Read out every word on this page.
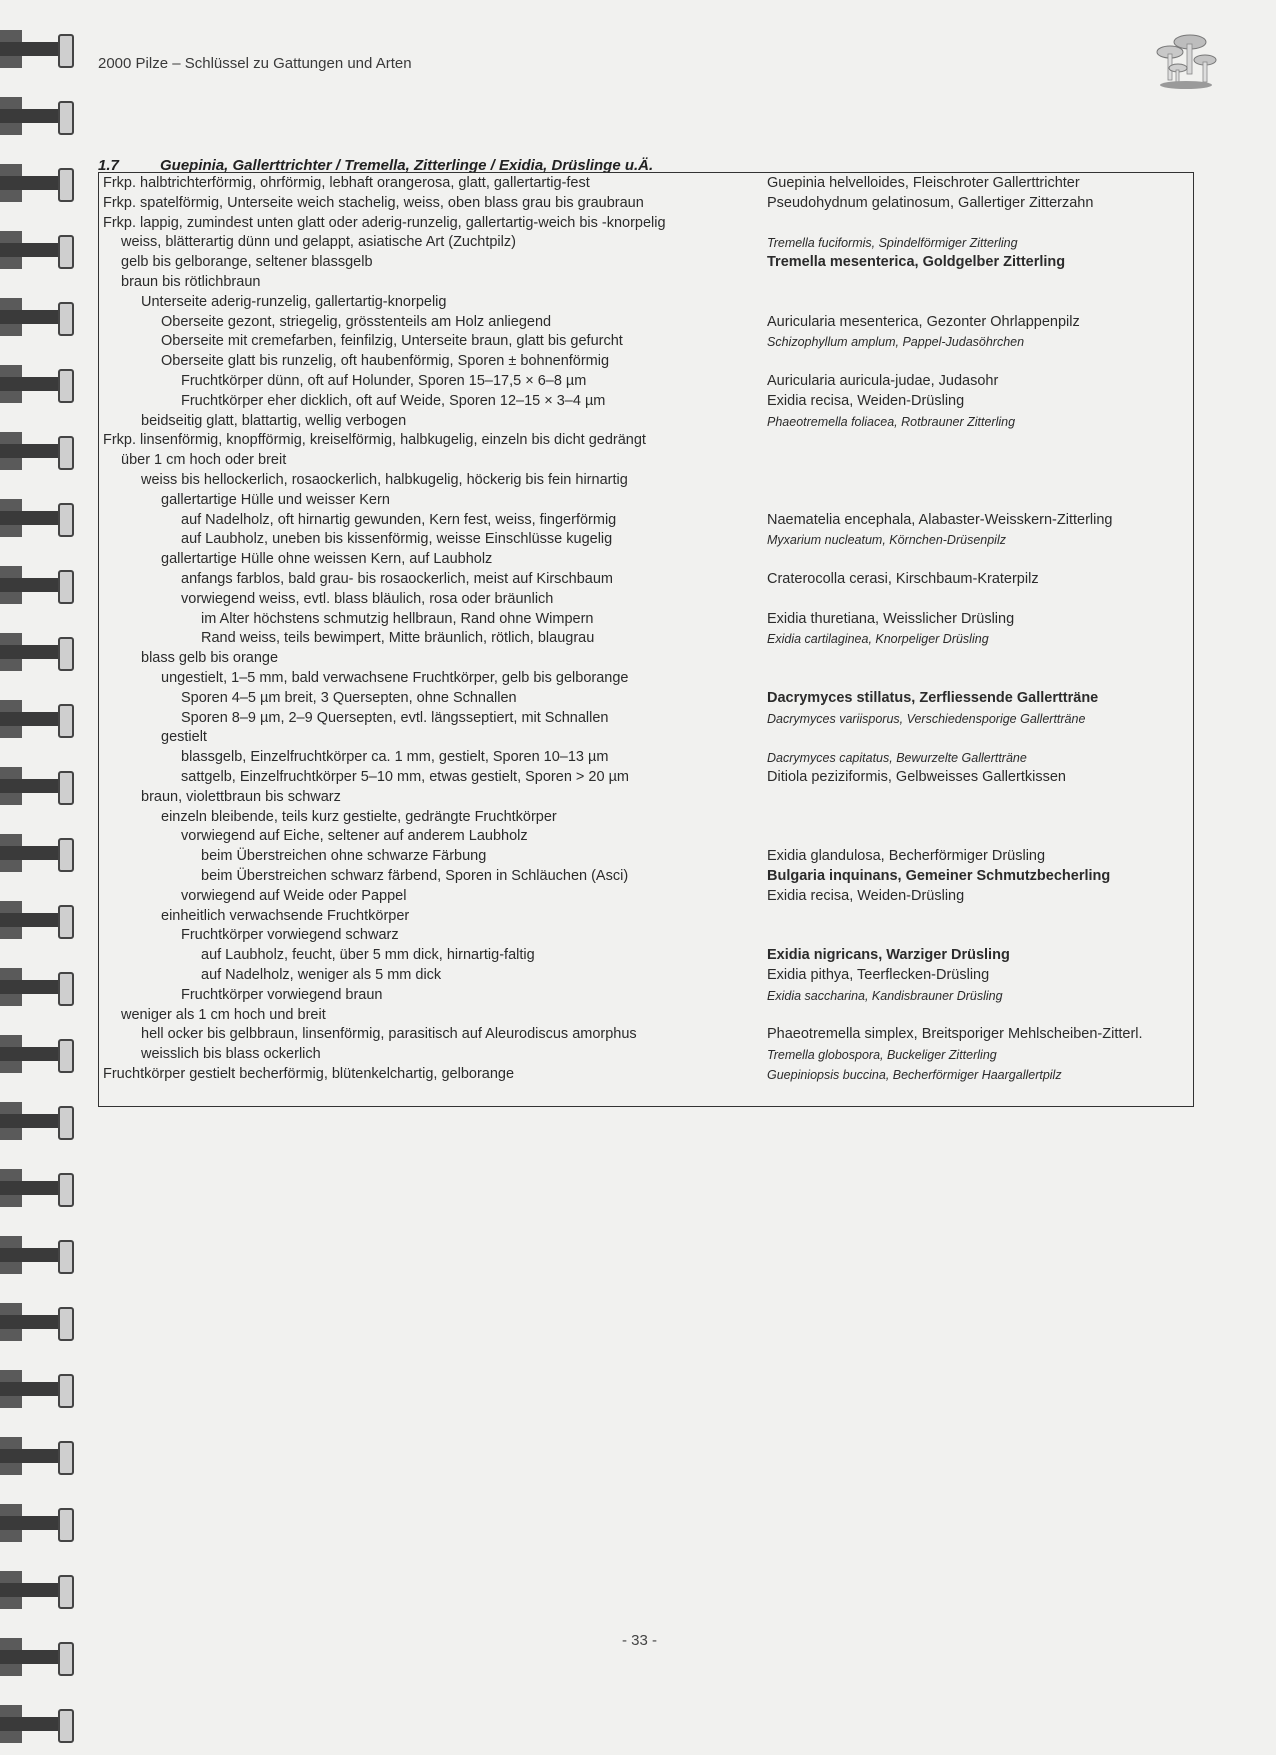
2000 Pilze – Schlüssel zu Gattungen und Arten
1.7	Guepinia, Gallerttrichter / Tremella, Zitterlinge / Exidia, Drüslinge u.Ä.
Frkp. halbtrichterförmig, ohrförmig, lebhaft orangerosa, glatt, gallertartig-fest	Guepinia helvelloides, Fleischroter Gallerttrichter
Frkp. spatelförmig, Unterseite weich stachelig, weiss, oben blass grau bis graubraun	Pseudohydnum gelatinosum, Gallertiger Zitterzahn
Frkp. lappig, zumindest unten glatt oder aderig-runzelig, gallertartig-weich bis -knorpelig
weiss, blätterartig dünn und gelappt, asiatische Art (Zuchtpilz)	Tremella fuciformis, Spindelförmiger Zitterling
gelb bis gelborange, seltener blassgelb	Tremella mesenterica, Goldgelber Zitterling
braun bis rötlichbraun
Unterseite aderig-runzelig, gallertartig-knorpelig
Oberseite gezont, striegelig, grösstenteils am Holz anliegend	Auricularia mesenterica, Gezonter Ohrlappenpilz
Oberseite mit cremefarben, feinfilzig, Unterseite braun, glatt bis gefurcht	Schizophyllum amplum, Pappel-Judasöhrchen
Oberseite glatt bis runzelig, oft haubenförmig, Sporen ± bohnenförmig
Fruchtkörper dünn, oft auf Holunder, Sporen 15–17,5 × 6–8 µm	Auricularia auricula-judae, Judasohr
Fruchtkörper eher dicklich, oft auf Weide, Sporen 12–15 × 3–4 µm	Exidia recisa, Weiden-Drüsling
beidseitig glatt, blattartig, wellig verbogen	Phaeotremella foliacea, Rotbrauner Zitterling
Frkp. linsenförmig, knopfförmig, kreiselförmig, halbkugelig, einzeln bis dicht gedrängt
über 1 cm hoch oder breit
weiss bis hellockerlich, rosaockerlich, halbkugelig, höckerig bis fein hirnartig
gallertartige Hülle und weisser Kern
auf Nadelholz, oft hirnartig gewunden, Kern fest, weiss, fingerförmig	Naematelia encephala, Alabaster-Weisskern-Zitterling
auf Laubholz, uneben bis kissenförmig, weisse Einschlüsse kugelig	Myxarium nucleatum, Körnchen-Drüsenpilz
gallertartige Hülle ohne weissen Kern, auf Laubholz
anfangs farblos, bald grau- bis rosaockerlich, meist auf Kirschbaum	Craterocolla cerasi, Kirschbaum-Kraterpilz
vorwiegend weiss, evtl. blass bläulich, rosa oder bräunlich
im Alter höchstens schmutzig hellbraun, Rand ohne Wimpern	Exidia thuretiana, Weisslicher Drüsling
Rand weiss, teils bewimpert, Mitte bräunlich, rötlich, blaugrau	Exidia cartilaginea, Knorpeliger Drüsling
blass gelb bis orange
ungestielt, 1–5 mm, bald verwachsene Fruchtkörper, gelb bis gelborange
Sporen 4–5 µm breit, 3 Quersepten, ohne Schnallen	Dacrymyces stillatus, Zerfliessende Gallertträne
Sporen 8–9 µm, 2–9 Quersepten, evtl. längsseptiert, mit Schnallen	Dacrymyces variisporus, Verschiedensporige Gallertträne
gestielt
blassgelb, Einzelfruchtkörper ca. 1 mm, gestielt, Sporen 10–13 µm	Dacrymyces capitatus, Bewurzelte Gallertträne
sattgelb, Einzelfruchtkörper 5–10 mm, etwas gestielt, Sporen > 20 µm	Ditiola peziziformis, Gelbweisses Gallertkissen
braun, violettbraun bis schwarz
einzeln bleibende, teils kurz gestielte, gedrängte Fruchtkörper
vorwiegend auf Eiche, seltener auf anderem Laubholz
beim Überstreichen ohne schwarze Färbung	Exidia glandulosa, Becherförmiger Drüsling
beim Überstreichen schwarz färbend, Sporen in Schläuchen (Asci)	Bulgaria inquinans, Gemeiner Schmutzbecherling
vorwiegend auf Weide oder Pappel	Exidia recisa, Weiden-Drüsling
einheitlich verwachsende Fruchtkörper
Fruchtkörper vorwiegend schwarz
auf Laubholz, feucht, über 5 mm dick, hirnartig-faltig	Exidia nigricans, Warziger Drüsling
auf Nadelholz, weniger als 5 mm dick	Exidia pithya, Teerflecken-Drüsling
Fruchtkörper vorwiegend braun	Exidia saccharina, Kandisbrauner Drüsling
weniger als 1 cm hoch und breit
hell ocker bis gelbbraun, linsenförmig, parasitisch auf Aleurodiscus amorphus	Phaeotremella simplex, Breitsporiger Mehlscheiben-Zitterl.
weisslich bis blass ockerlich	Tremella globospora, Buckeliger Zitterling
Fruchtkörper gestielt becherförmig, blütenkelchartig, gelborange	Guepiniopsis buccina, Becherförmiger Haargallertpilz
- 33 -
